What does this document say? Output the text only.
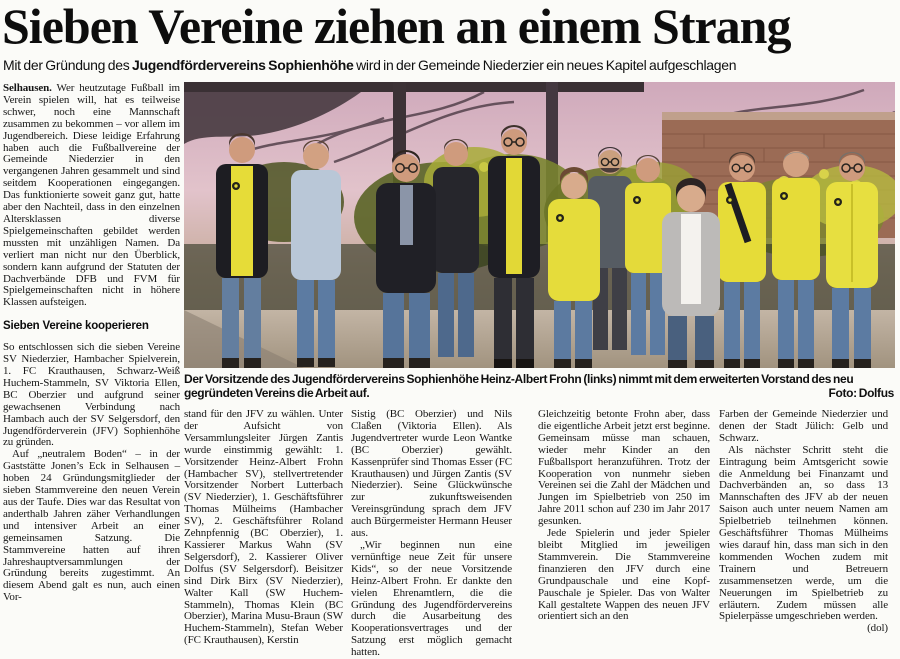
Sieben Vereine ziehen an einem Strang

Mit der Gründung des Jugendfördervereins Sophienhöhe wird in der Gemeinde Niederzier ein neues Kapitel aufgeschlagen

Selhausen. Wer heutzutage Fußball im Verein spielen will, hat es teilweise schwer, noch eine Mannschaft zusammen zu bekommen – vor allem im Jugendbereich. Diese leidige Erfahrung haben auch die Fußballvereine der Gemeinde Niederzier in den vergangenen Jahren gesammelt und sind seitdem Kooperationen eingegangen. Das funktionierte soweit ganz gut, hatte aber den Nachteil, dass in den einzelnen Altersklassen diverse Spielgemeinschaften gebildet werden mussten mit unzähligen Namen. Da verliert man nicht nur den Überblick, sondern kann aufgrund der Statuten der Dachverbände DFB und FVM für Spielgemeinschaften nicht in höhere Klassen aufsteigen.

Sieben Vereine kooperieren

So entschlossen sich die sieben Vereine SV Niederzier, Hambacher Spielverein, 1. FC Krauthausen, Schwarz-Weiß Huchem-Stammeln, SV Viktoria Ellen, BC Oberzier und aufgrund seiner gewachsenen Verbindung nach Hambach auch der SV Selgersdorf, den Jugendförderverein (JFV) Sophienhöhe zu gründen.

Auf „neutralem Boden“ – in der Gaststätte Jonen’s Eck in Selhausen – hoben 24 Gründungsmitglieder der sieben Stammvereine den neuen Verein aus der Taufe. Dies war das Resultat von anderthalb Jahren zäher Verhandlungen und intensiver Arbeit an einer gemeinsamen Satzung. Die Stammvereine hatten auf ihren Jahreshauptversammlungen der Gründung bereits zugestimmt. An diesem Abend galt es nun, auch einen Vor-

Der Vorsitzende des Jugendfördervereins Sophienhöhe Heinz-Albert Frohn (links) nimmt mit dem erweiterten Vorstand des neu gegründeten Vereins die Arbeit auf.	Foto: Dolfus

stand für den JFV zu wählen. Unter der Aufsicht von Versammlungsleiter Jürgen Zantis wurde einstimmig gewählt: 1. Vorsitzender Heinz-Albert Frohn (Hambacher SV), stellvertretender Vorsitzender Norbert Lutterbach (SV Niederzier), 1. Geschäftsführer Thomas Mülheims (Hambacher SV), 2. Geschäftsführer Roland Zehnpfennig (BC Oberzier), 1. Kassierer Markus Wahn (SV Selgersdorf), 2. Kassierer Oliver Dolfus (SV Selgersdorf). Beisitzer sind Dirk Birx (SV Niederzier), Walter Kall (SW Huchem-Stammeln), Thomas Klein (BC Oberzier), Marina Musu-Braun (SW Huchem-Stammeln), Stefan Weber (FC Krauthausen), Kerstin

Sistig (BC Oberzier) und Nils Claßen (Viktoria Ellen). Als Jugendvertreter wurde Leon Wantke (BC Oberzier) gewählt. Kassenprüfer sind Thomas Esser (FC Krauthausen) und Jürgen Zantis (SV Niederzier). Seine Glückwünsche zur zukunftsweisenden Vereinsgründung sprach dem JFV auch Bürgermeister Hermann Heuser aus.

„Wir beginnen nun eine vernünftige neue Zeit für unsere Kids“, so der neue Vorsitzende Heinz-Albert Frohn. Er dankte den vielen Ehrenamtlern, die die Gründung des Jugendfördervereins durch die Ausarbeitung des Kooperationsvertrages und der Satzung erst möglich gemacht hatten.

Gleichzeitig betonte Frohn aber, dass die eigentliche Arbeit jetzt erst beginne. Gemeinsam müsse man schauen, wieder mehr Kinder an den Fußballsport heranzuführen. Trotz der Kooperation von nunmehr sieben Vereinen sei die Zahl der Mädchen und Jungen im Spielbetrieb von 250 im Jahre 2011 schon auf 230 im Jahr 2017 gesunken.

Jede Spielerin und jeder Spieler bleibt Mitglied im jeweiligen Stammverein. Die Stammvereine finanzieren den JFV durch eine Grundpauschale und eine Kopf-Pauschale je Spieler. Das von Walter Kall gestaltete Wappen des neuen JFV orientiert sich an den

Farben der Gemeinde Niederzier und denen der Stadt Jülich: Gelb und Schwarz.

Als nächster Schritt steht die Eintragung beim Amtsgericht sowie die Anmeldung bei Finanzamt und Dachverbänden an, so dass 13 Mannschaften des JFV ab der neuen Saison auch unter neuem Namen am Spielbetrieb teilnehmen können. Geschäftsführer Thomas Mülheims wies darauf hin, dass man sich in den kommenden Wochen zudem mit Trainern und Betreuern zusammensetzen werde, um die Neuerungen im Spielbetrieb zu erläutern. Zudem müssen alle Spielerpässe umgeschrieben werden.
(dol)
